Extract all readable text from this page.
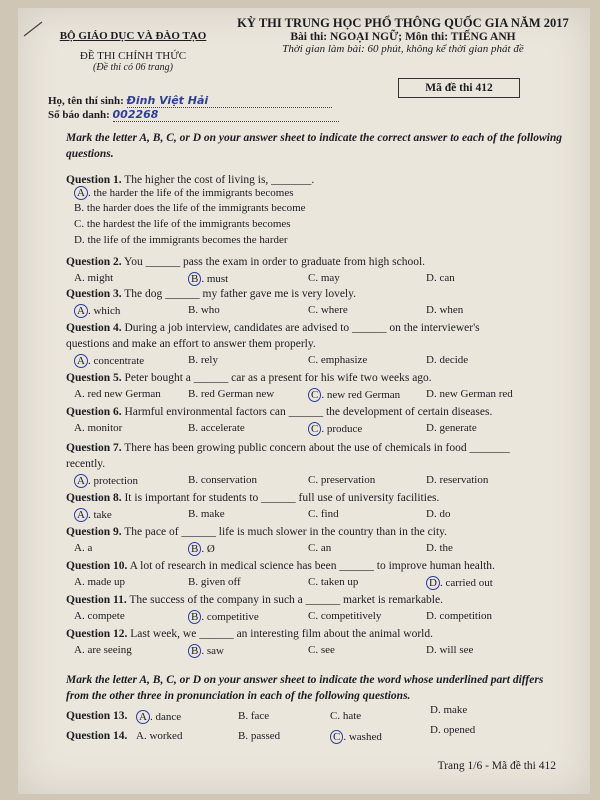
BỘ GIÁO DỤC VÀ ĐÀO TẠO
ĐỀ THI CHÍNH THỨC
(Đề thi có 06 trang)
KỲ THI TRUNG HỌC PHỔ THÔNG QUỐC GIA NĂM 2017
Bài thi: NGOẠI NGỮ; Môn thi: TIẾNG ANH
Thời gian làm bài: 60 phút, không kể thời gian phát đề
Mã đề thi 412
Họ, tên thí sinh: Đinh Việt Hải
Số báo danh: 002268
Mark the letter A, B, C, or D on your answer sheet to indicate the correct answer to each of the following questions.
Mark the letter A, B, C, or D on your answer sheet to indicate the word whose underlined part differs from the other three in pronunciation in each of the following questions.
Trang 1/6 - Mã đề thi 412
Question 1. The higher the cost of living is, _______.
A . the harder the life of the immigrants becomes
B. the harder does the life of the immigrants become
C. the hardest the life of the immigrants becomes
D. the life of the immigrants becomes the harder
Question 2. You ______ pass the exam in order to graduate from high school.
A. might	B . must	C. may	D. can
Question 3. The dog ______ my father gave me is very lovely.
A . which	B. who	C. where	D. when
Question 4. During a job interview, candidates are advised to ______ on the interviewer's
questions and make an effort to answer them properly.
A . concentrate	B. rely	C. emphasize	D. decide
Question 5. Peter bought a ______ car as a present for his wife two weeks ago.
A. red new German B. red German new	C . new red German D. new German red
Question 6. Harmful environmental factors can ______ the development of certain diseases.
A. monitor	B. accelerate	C . produce	D. generate
Question 7. There has been growing public concern about the use of chemicals in food _______
recently.
A . protection	B. conservation	C. preservation	D. reservation
Question 8. It is important for students to ______ full use of university facilities.
A . take	B. make	C. find	D. do
Question 9. The pace of ______ life is much slower in the country than in the city.
A. a	B . Ø	C. an	D. the
Question 10. A lot of research in medical science has been ______ to improve human health.
A. made up	B. given off	C. taken up	D . carried out
Question 11. The success of the company in such a ______ market is remarkable.
A. compete	B . competitive	C. competitively	D. competition
Question 12. Last week, we ______ an interesting film about the animal world.
A. are seeing	B . saw	C. see	D. will see
Question 13. A . dance	B. face	C. hate	D. make
Question 14. A. worked	B. passed	C . washed
D. opened
